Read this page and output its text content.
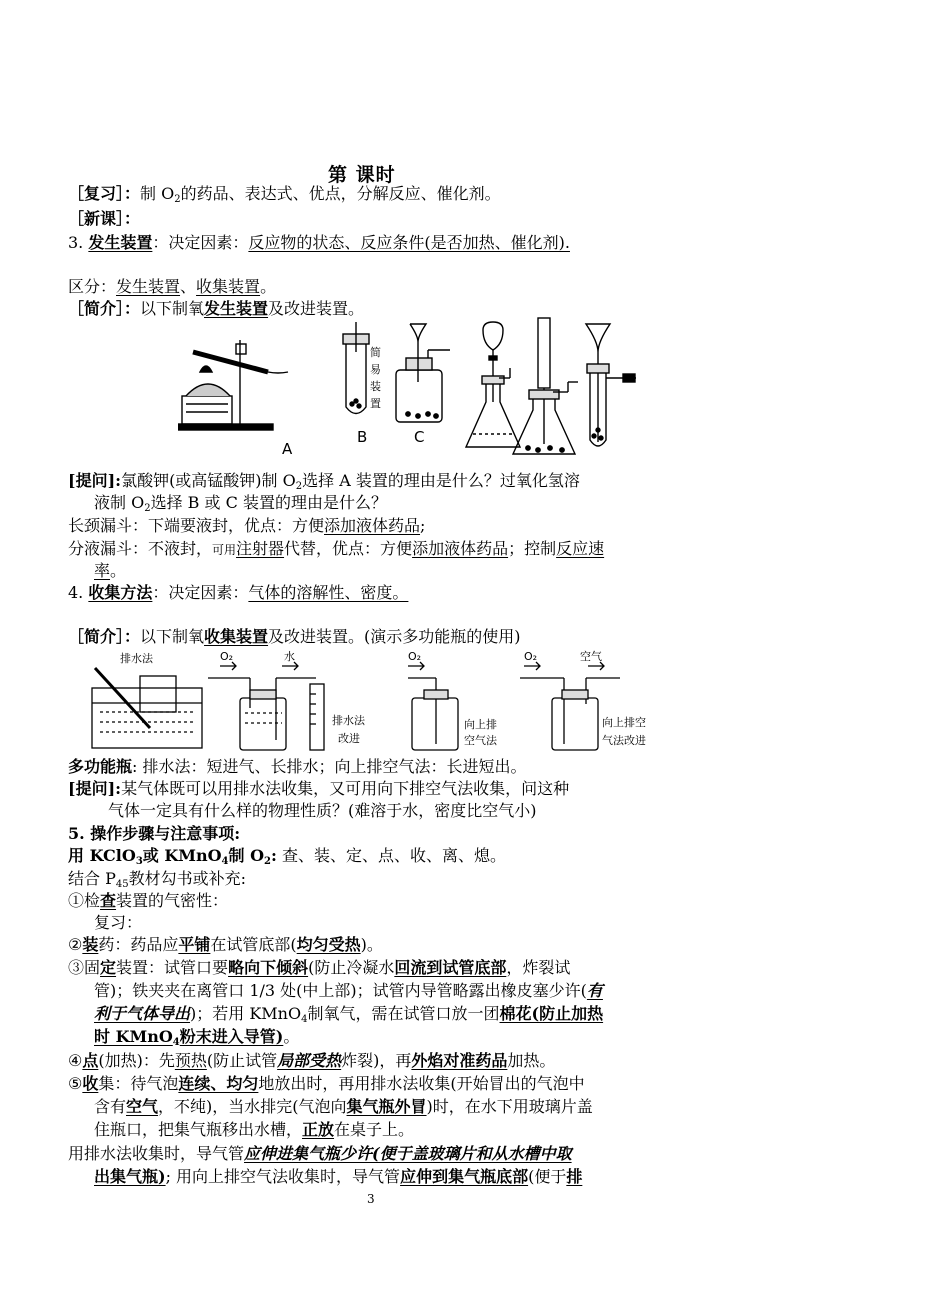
第 课时
［复习］：制 $O_2$的药品、表达式、优点，分解反应、催化剂。
［新课］：
3. 发生装置：决定因素：反应物的状态、反应条件(是否加热、催化剂).
区分：发生装置、收集装置。
［简介］：以下制氧发生装置及改进装置。
A
B	C
简
易
装
置
[提问]:氯酸钾(或高锰酸钾)制 $O_2$选择 A 装置的理由是什么？过氧化氢溶
液制 $O_2$选择 B 或 C 装置的理由是什么？
长颈漏斗：下端要液封，优点：方便添加液体药品;
分液漏斗：不液封，可用注射器代替，优点：方便添加液体药品；控制反应速
率。
4. 收集方法：决定因素：气体的溶解性、密度。
［简介］：以下制氧收集装置及改进装置。(演示多功能瓶的使用)
排水法	O₂	水
排水法
改进
O₂
向上排
空气法
O₂	空气
向上排空
气法改进
多功能瓶: 排水法：短进气、长排水；向上排空气法：长进短出。
[提问]:某气体既可以用排水法收集，又可用向下排空气法收集，问这种
气体一定具有什么样的物理性质？(难溶于水，密度比空气小)
5. 操作步骤与注意事项:
用 KClO$_3$或 KMnO$_4$制 $O_2$: 查、装、定、点、收、离、熄。
结合 $P_{45}$教材勾书或补充:
①检查装置的气密性：
复习：
②装药：药品应平铺在试管底部(均匀受热)。
③固定装置：试管口要略向下倾斜(防止冷凝水回流到试管底部，炸裂试
管)；铁夹夹在离管口 1/3 处(中上部)；试管内导管略露出橡皮塞少许(有
利于气体导出)；若用 KMnO$_4$制氧气，需在试管口放一团棉花(防止加热
时 KMnO$_4$粉末进入导管)。
④点(加热)：先预热(防止试管局部受热炸裂)，再外焰对准药品加热。
⑤收集：待气泡连续、均匀地放出时，再用排水法收集(开始冒出的气泡中
含有空气，不纯)，当水排完(气泡向集气瓶外冒)时，在水下用玻璃片盖
住瓶口，把集气瓶移出水槽，正放在桌子上。
用排水法收集时，导气管应伸进集气瓶少许(便于盖玻璃片和从水槽中取
出集气瓶); 用向上排空气法收集时，导气管应伸到集气瓶底部(便于排
3
